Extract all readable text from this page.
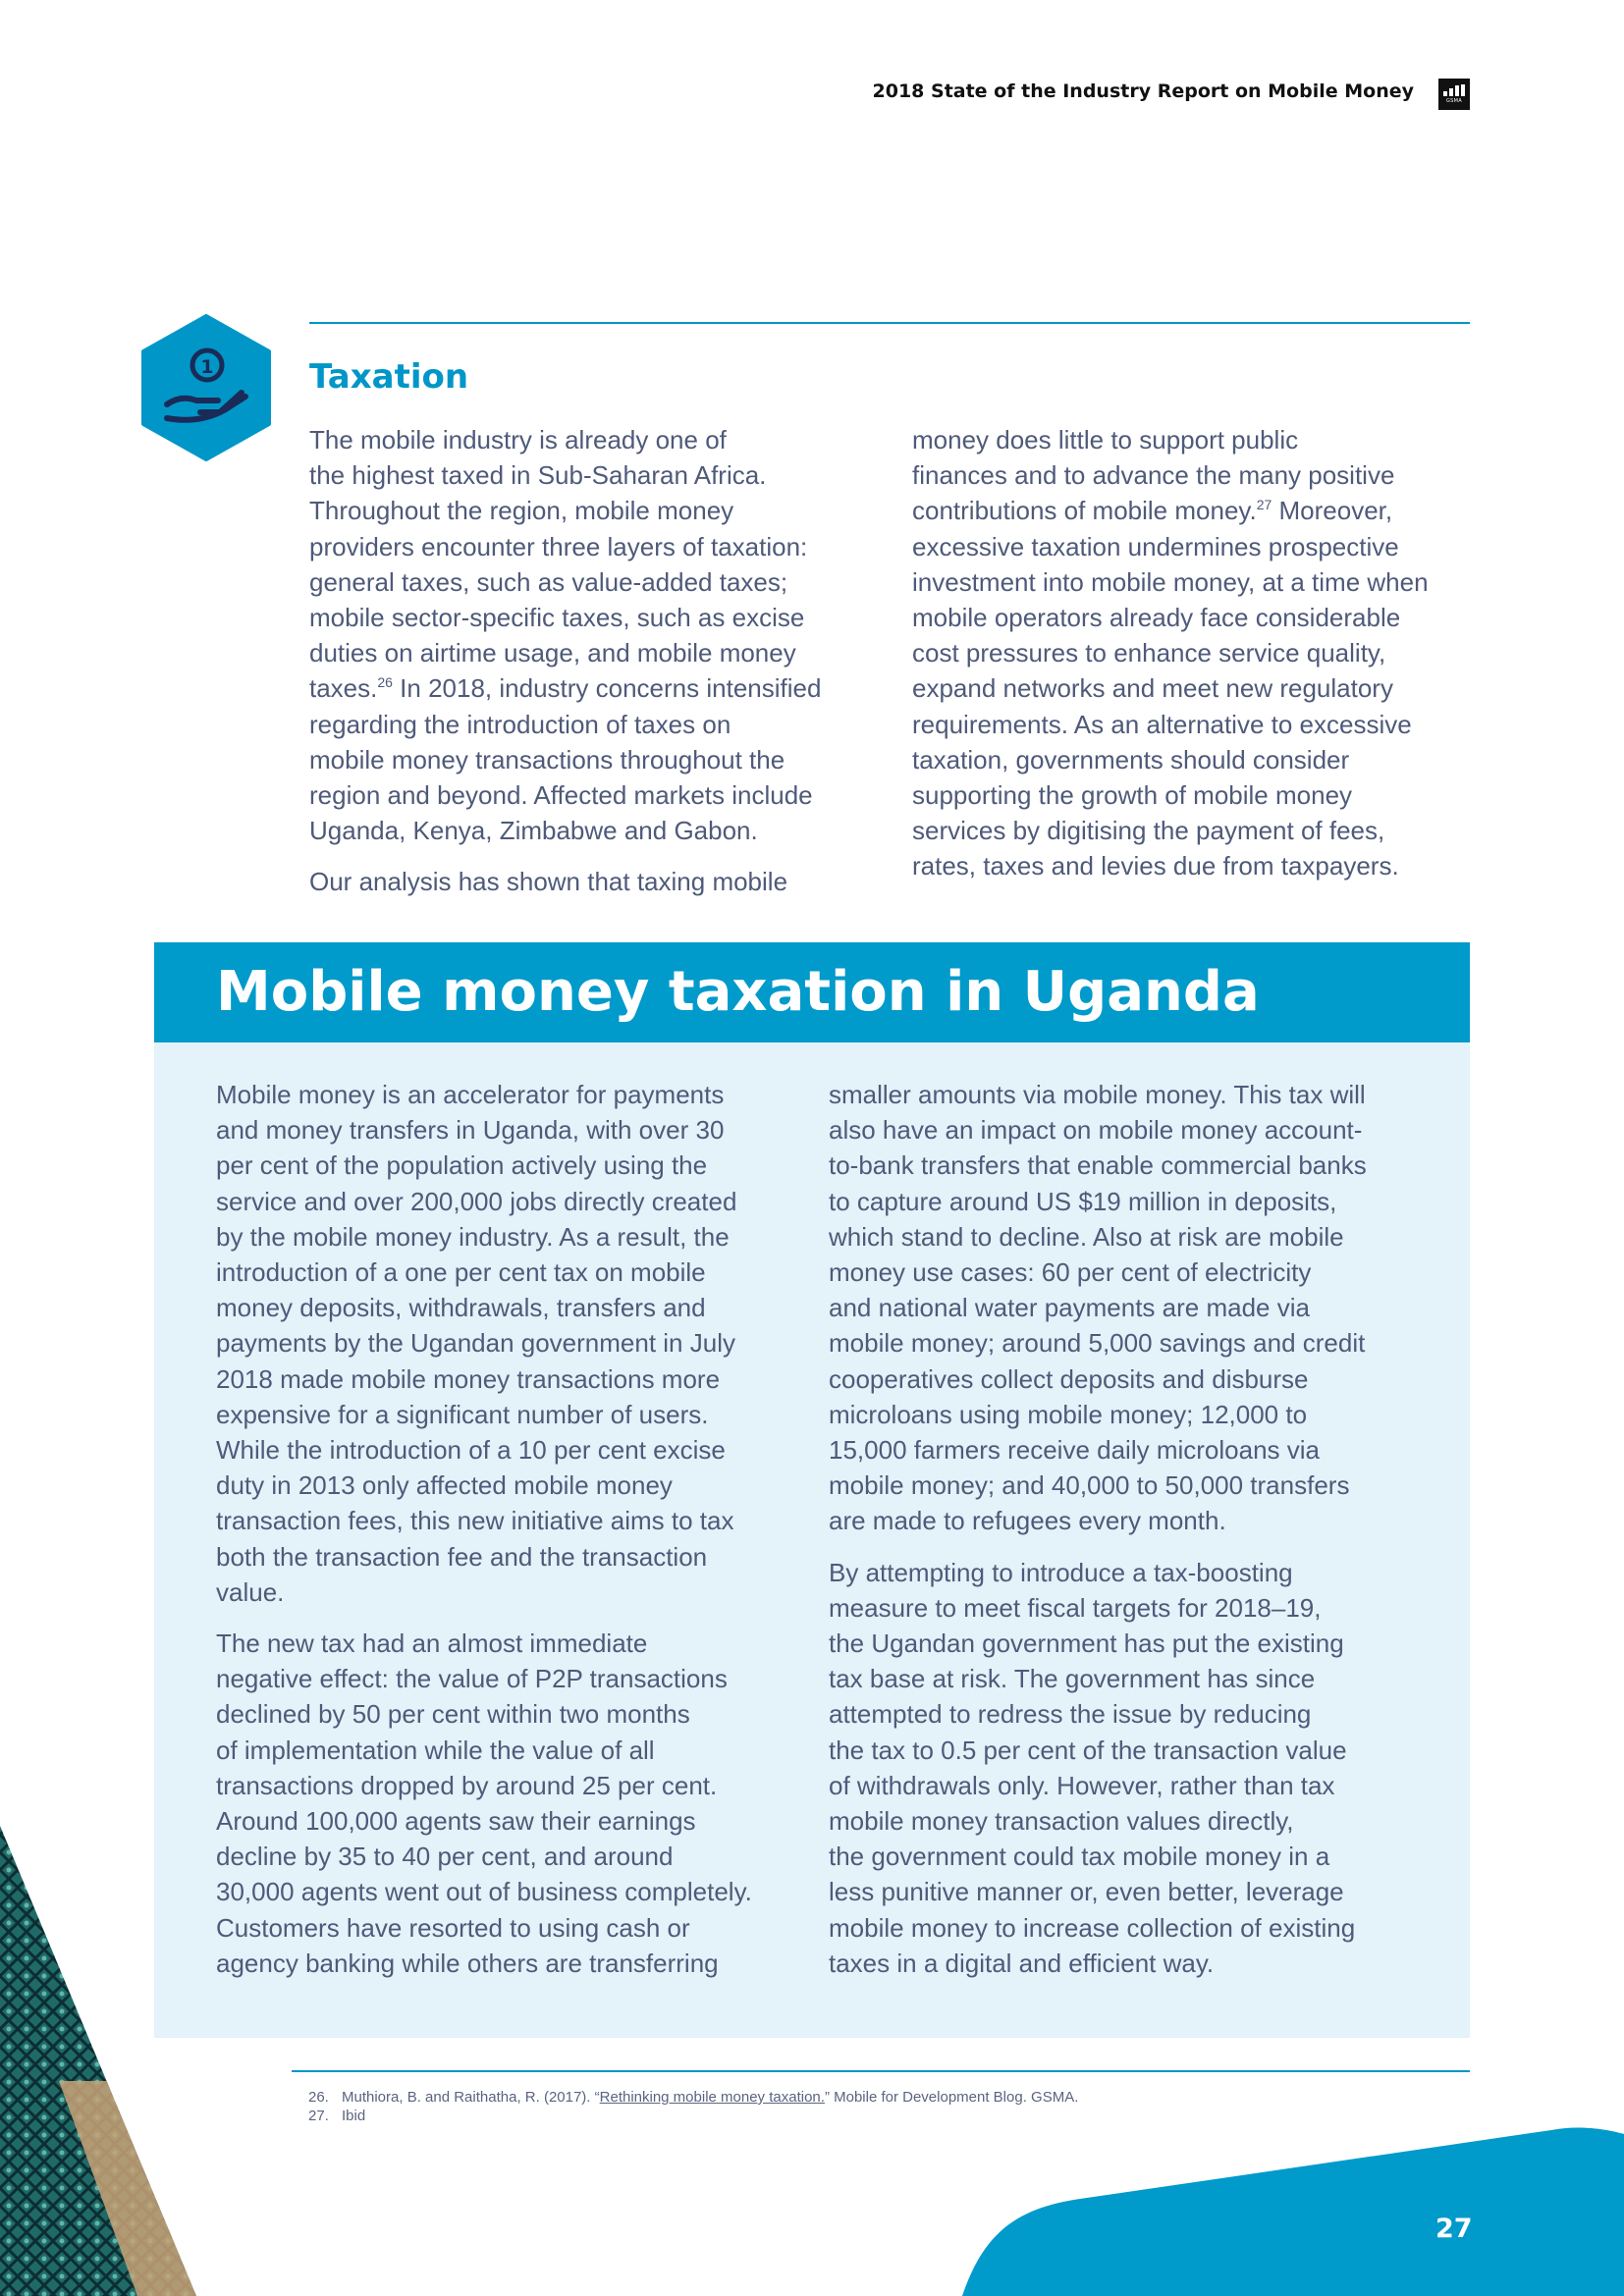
2018 State of the Industry Report on Mobile Money	GSMA
1	Taxation

The mobile industry is already one of
the highest taxed in Sub-Saharan Africa.
Throughout the region, mobile money
providers encounter three layers of taxation:
general taxes, such as value-added taxes;
mobile sector-specific taxes, such as excise
duties on airtime usage, and mobile money
taxes.$^{26}$ In 2018, industry concerns intensified
regarding the introduction of taxes on
mobile money transactions throughout the
region and beyond. Affected markets include
Uganda, Kenya, Zimbabwe and Gabon.

Our analysis has shown that taxing mobile

money does little to support public
finances and to advance the many positive
contributions of mobile money.$^{27}$ Moreover,
excessive taxation undermines prospective
investment into mobile money, at a time when
mobile operators already face considerable
cost pressures to enhance service quality,
expand networks and meet new regulatory
requirements. As an alternative to excessive
taxation, governments should consider
supporting the growth of mobile money
services by digitising the payment of fees,
rates, taxes and levies due from taxpayers.

Mobile money taxation in Uganda

Mobile money is an accelerator for payments
and money transfers in Uganda, with over 30
per cent of the population actively using the
service and over 200,000 jobs directly created
by the mobile money industry. As a result, the
introduction of a one per cent tax on mobile
money deposits, withdrawals, transfers and
payments by the Ugandan government in July
2018 made mobile money transactions more
expensive for a significant number of users.
While the introduction of a 10 per cent excise
duty in 2013 only affected mobile money
transaction fees, this new initiative aims to tax
both the transaction fee and the transaction
value.

The new tax had an almost immediate
negative effect: the value of P2P transactions
declined by 50 per cent within two months
of implementation while the value of all
transactions dropped by around 25 per cent.
Around 100,000 agents saw their earnings
decline by 35 to 40 per cent, and around
30,000 agents went out of business completely.
Customers have resorted to using cash or
agency banking while others are transferring

smaller amounts via mobile money. This tax will
also have an impact on mobile money account-
to-bank transfers that enable commercial banks
to capture around US $19 million in deposits,
which stand to decline. Also at risk are mobile
money use cases: 60 per cent of electricity
and national water payments are made via
mobile money; around 5,000 savings and credit
cooperatives collect deposits and disburse
microloans using mobile money; 12,000 to
15,000 farmers receive daily microloans via
mobile money; and 40,000 to 50,000 transfers
are made to refugees every month.

By attempting to introduce a tax-boosting
measure to meet fiscal targets for 2018–19,
the Ugandan government has put the existing
tax base at risk. The government has since
attempted to redress the issue by reducing
the tax to 0.5 per cent of the transaction value
of withdrawals only. However, rather than tax
mobile money transaction values directly,
the government could tax mobile money in a
less punitive manner or, even better, leverage
mobile money to increase collection of existing
taxes in a digital and efficient way.

26. Muthiora, B. and Raithatha, R. (2017). “Rethinking mobile money taxation.” Mobile for Development Blog. GSMA.
27. Ibid
27
